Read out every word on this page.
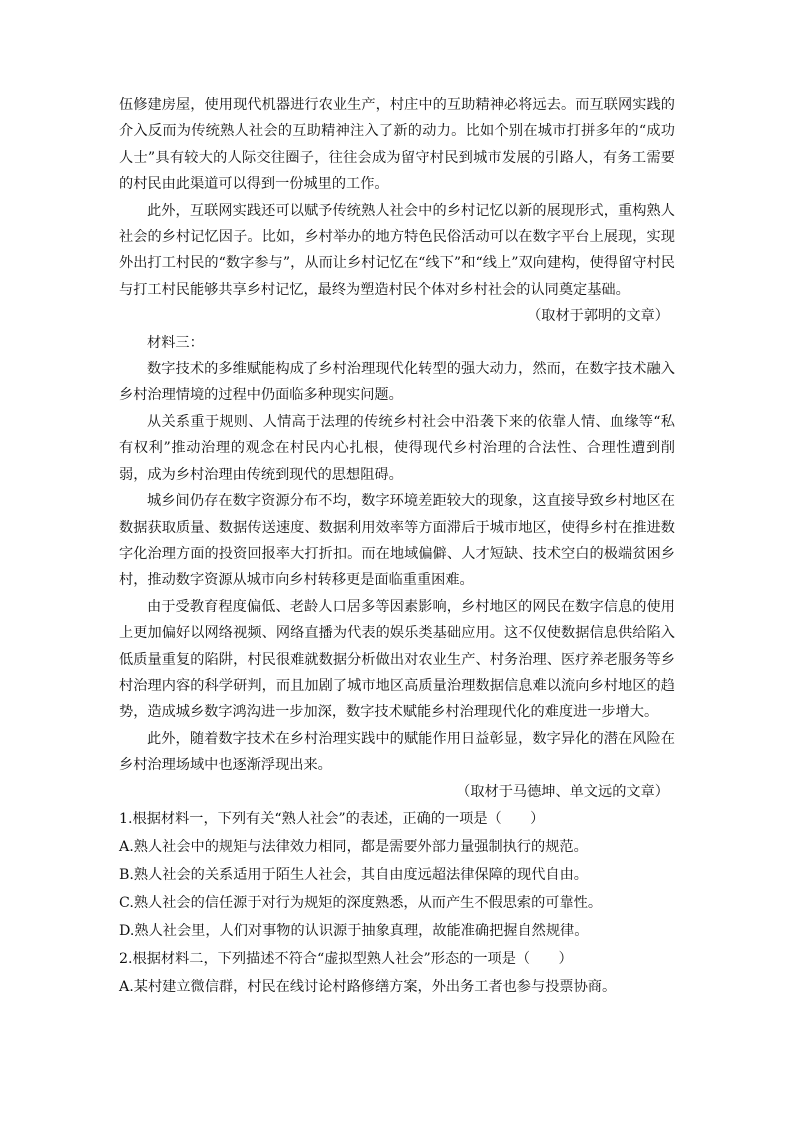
伍修建房屋，使用现代机器进行农业生产，村庄中的互助精神必将远去。而互联网实践的介入反而为传统熟人社会的互助精神注入了新的动力。比如个别在城市打拼多年的“成功人士”具有较大的人际交往圈子，往往会成为留守村民到城市发展的引路人，有务工需要的村民由此渠道可以得到一份城里的工作。

此外，互联网实践还可以赋予传统熟人社会中的乡村记忆以新的展现形式，重构熟人社会的乡村记忆因子。比如，乡村举办的地方特色民俗活动可以在数字平台上展现，实现外出打工村民的“数字参与”，从而让乡村记忆在“线下”和“线上”双向建构，使得留守村民与打工村民能够共享乡村记忆，最终为塑造村民个体对乡村社会的认同奠定基础。

（取材于郭明的文章）

材料三：

数字技术的多维赋能构成了乡村治理现代化转型的强大动力，然而，在数字技术融入乡村治理情境的过程中仍面临多种现实问题。

从关系重于规则、人情高于法理的传统乡村社会中沿袭下来的依靠人情、血缘等“私有权利”推动治理的观念在村民内心扎根，使得现代乡村治理的合法性、合理性遭到削弱，成为乡村治理由传统到现代的思想阻碍。

城乡间仍存在数字资源分布不均，数字环境差距较大的现象，这直接导致乡村地区在数据获取质量、数据传送速度、数据利用效率等方面滞后于城市地区，使得乡村在推进数字化治理方面的投资回报率大打折扣。而在地域偏僻、人才短缺、技术空白的极端贫困乡村，推动数字资源从城市向乡村转移更是面临重重困难。

由于受教育程度偏低、老龄人口居多等因素影响，乡村地区的网民在数字信息的使用上更加偏好以网络视频、网络直播为代表的娱乐类基础应用。这不仅使数据信息供给陷入低质量重复的陷阱，村民很难就数据分析做出对农业生产、村务治理、医疗养老服务等乡村治理内容的科学研判，而且加剧了城市地区高质量治理数据信息难以流向乡村地区的趋势，造成城乡数字鸿沟进一步加深，数字技术赋能乡村治理现代化的难度进一步增大。

此外，随着数字技术在乡村治理实践中的赋能作用日益彰显，数字异化的潜在风险在乡村治理场域中也逐渐浮现出来。

（取材于马德坤、单文远的文章）

1.根据材料一，下列有关“熟人社会”的表述，正确的一项是（　　）

A.熟人社会中的规矩与法律效力相同，都是需要外部力量强制执行的规范。

B.熟人社会的关系适用于陌生人社会，其自由度远超法律保障的现代自由。

C.熟人社会的信任源于对行为规矩的深度熟悉，从而产生不假思索的可靠性。

D.熟人社会里，人们对事物的认识源于抽象真理，故能准确把握自然规律。

2.根据材料二，下列描述不符合“虚拟型熟人社会”形态的一项是（　　）

A.某村建立微信群，村民在线讨论村路修缮方案，外出务工者也参与投票协商。
